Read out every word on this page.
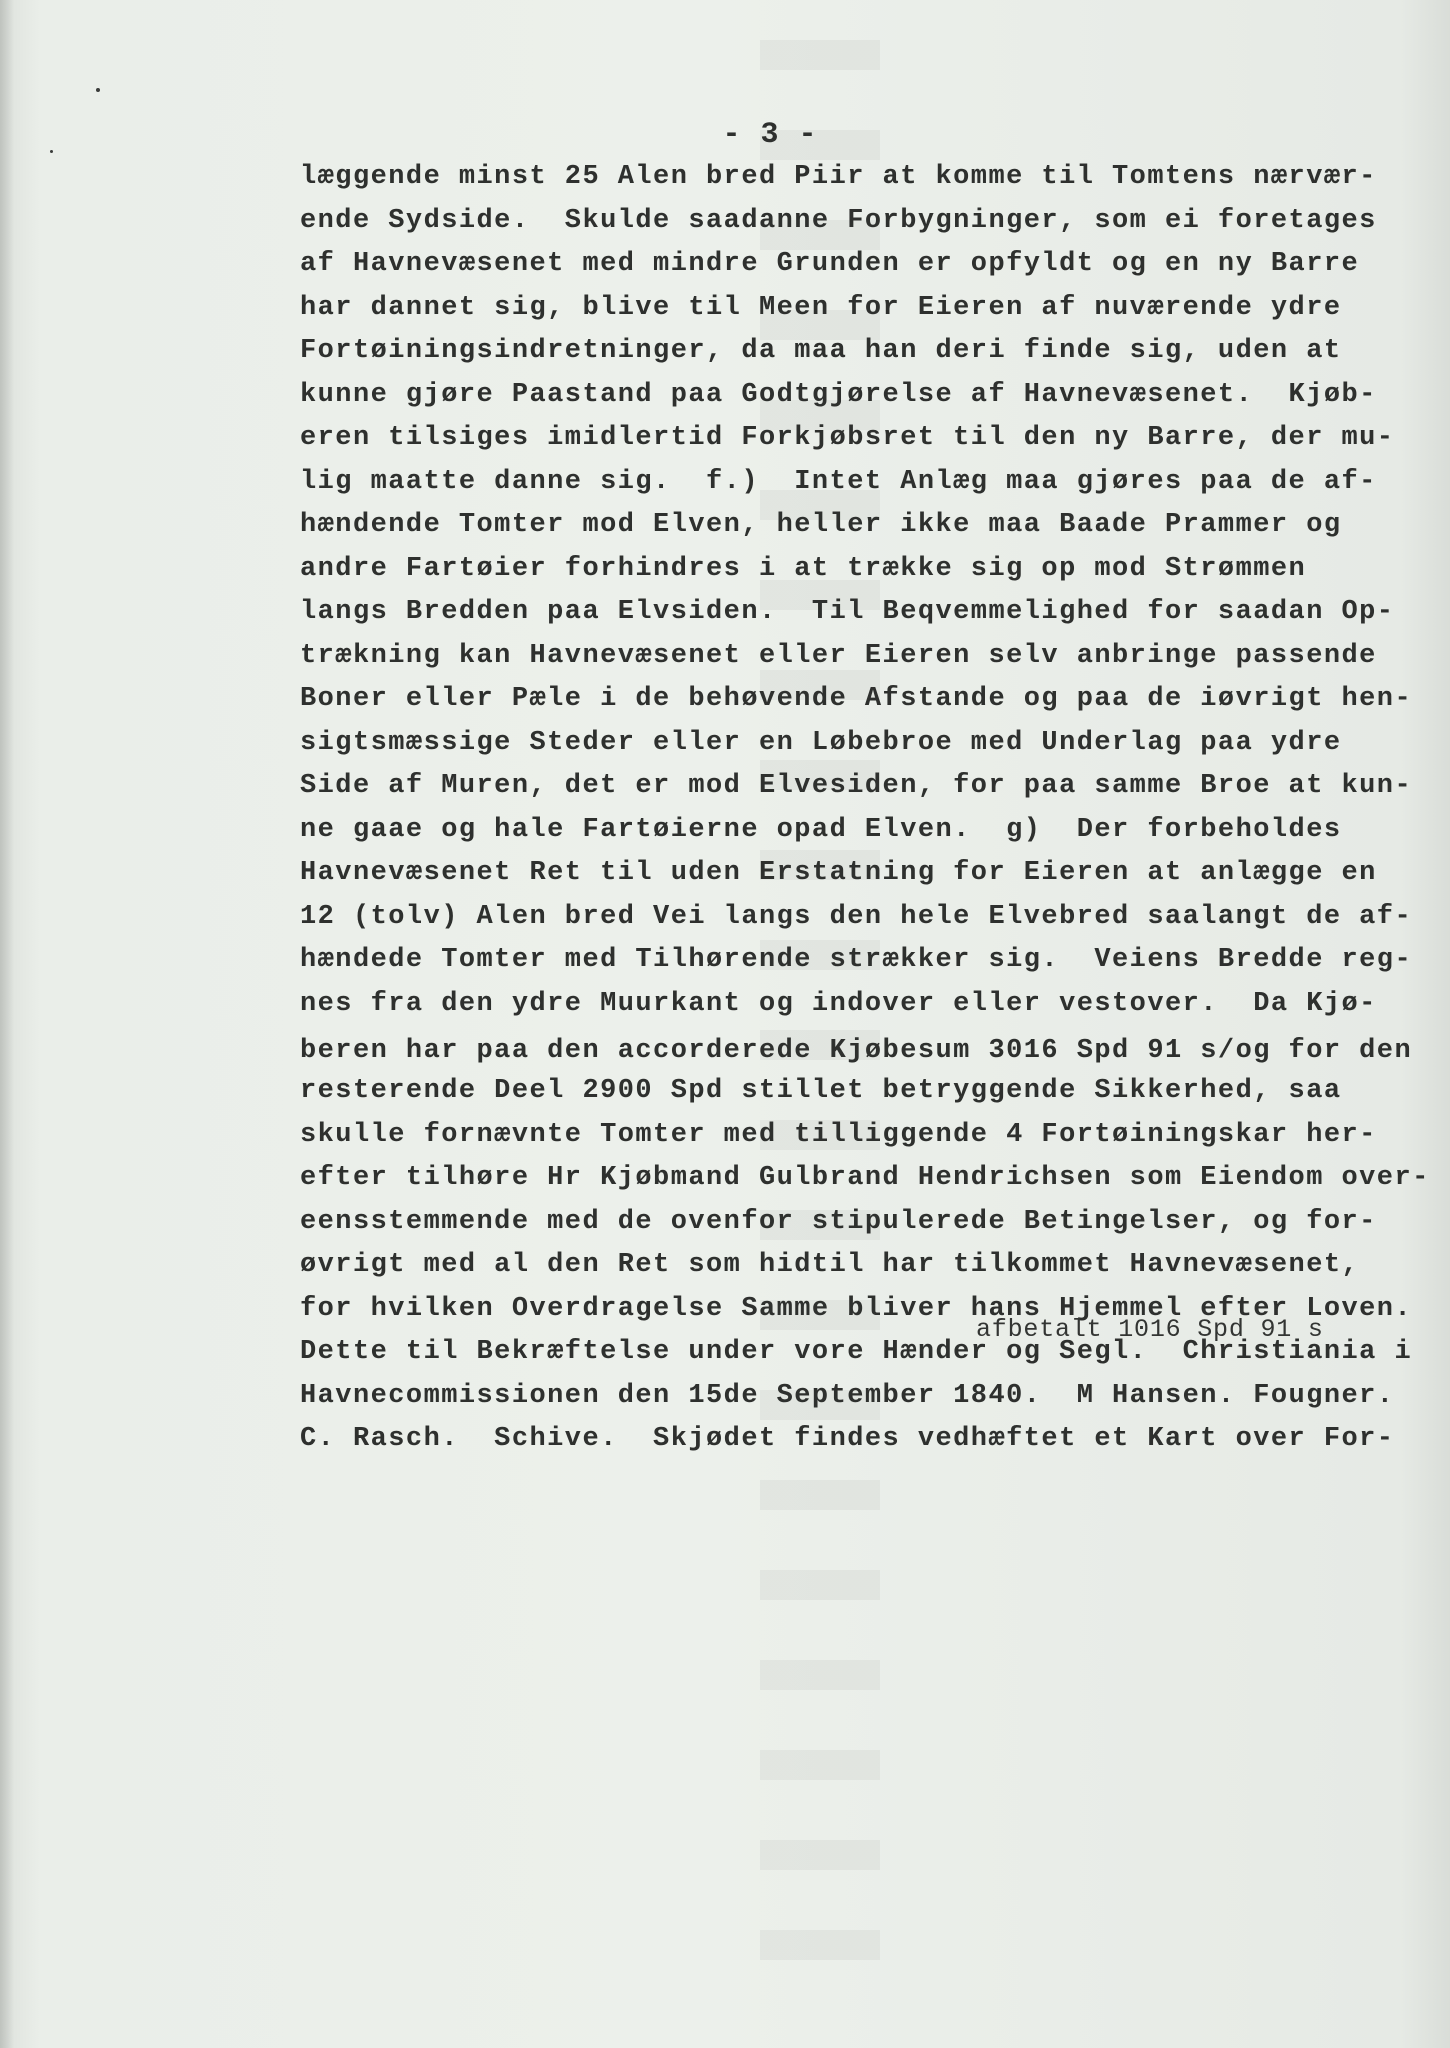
- 3 -
læggende minst 25 Alen bred Piir at komme til Tomtens nærvær-
ende Sydside.  Skulde saadanne Forbygninger, som ei foretages
af Havnevæsenet med mindre Grunden er opfyldt og en ny Barre
har dannet sig, blive til Meen for Eieren af nuværende ydre
Fortøiningsindretninger, da maa han deri finde sig, uden at
kunne gjøre Paastand paa Godtgjørelse af Havnevæsenet.  Kjøb-
eren tilsiges imidlertid Forkjøbsret til den ny Barre, der mu-
lig maatte danne sig.  f.)  Intet Anlæg maa gjøres paa de af-
hændende Tomter mod Elven, heller ikke maa Baade Prammer og
andre Fartøier forhindres i at trække sig op mod Strømmen
langs Bredden paa Elvsiden.  Til Beqvemmelighed for saadan Op-
trækning kan Havnevæsenet eller Eieren selv anbringe passende
Boner eller Pæle i de behøvende Afstande og paa de iøvrigt hen-
sigtsmæssige Steder eller en Løbebroe med Underlag paa ydre
Side af Muren, det er mod Elvesiden, for paa samme Broe at kun-
ne gaae og hale Fartøierne opad Elven.  g)  Der forbeholdes
Havnevæsenet Ret til uden Erstatning for Eieren at anlægge en
12 (tolv) Alen bred Vei langs den hele Elvebred saalangt de af-
hændede Tomter med Tilhørende strækker sig.  Veiens Bredde reg-
nes fra den ydre Muurkant og indover eller vestover.  Da Kjø-
beren har paa den accorderede Kjøbesum 3016 Spd 91 s/og for den
resterende Deel 2900 Spd stillet betryggende Sikkerhed, saa
skulle fornævnte Tomter med tilliggende 4 Fortøiningskar her-
efter tilhøre Hr Kjøbmand Gulbrand Hendrichsen som Eiendom over-
eensstemmende med de ovenfor stipulerede Betingelser, og for-
øvrigt med al den Ret som hidtil har tilkommet Havnevæsenet,
for hvilken Overdragelse Samme bliver hans Hjemmel efter Loven.
Dette til Bekræftelse under vore Hænder og Segl.  Christiania i
Havnecommissionen den 15de September 1840.  M Hansen. Fougner.
C. Rasch.  Schive.  Skjødet findes vedhæftet et Kart over For-
afbetalt 1016 Spd 91 s
